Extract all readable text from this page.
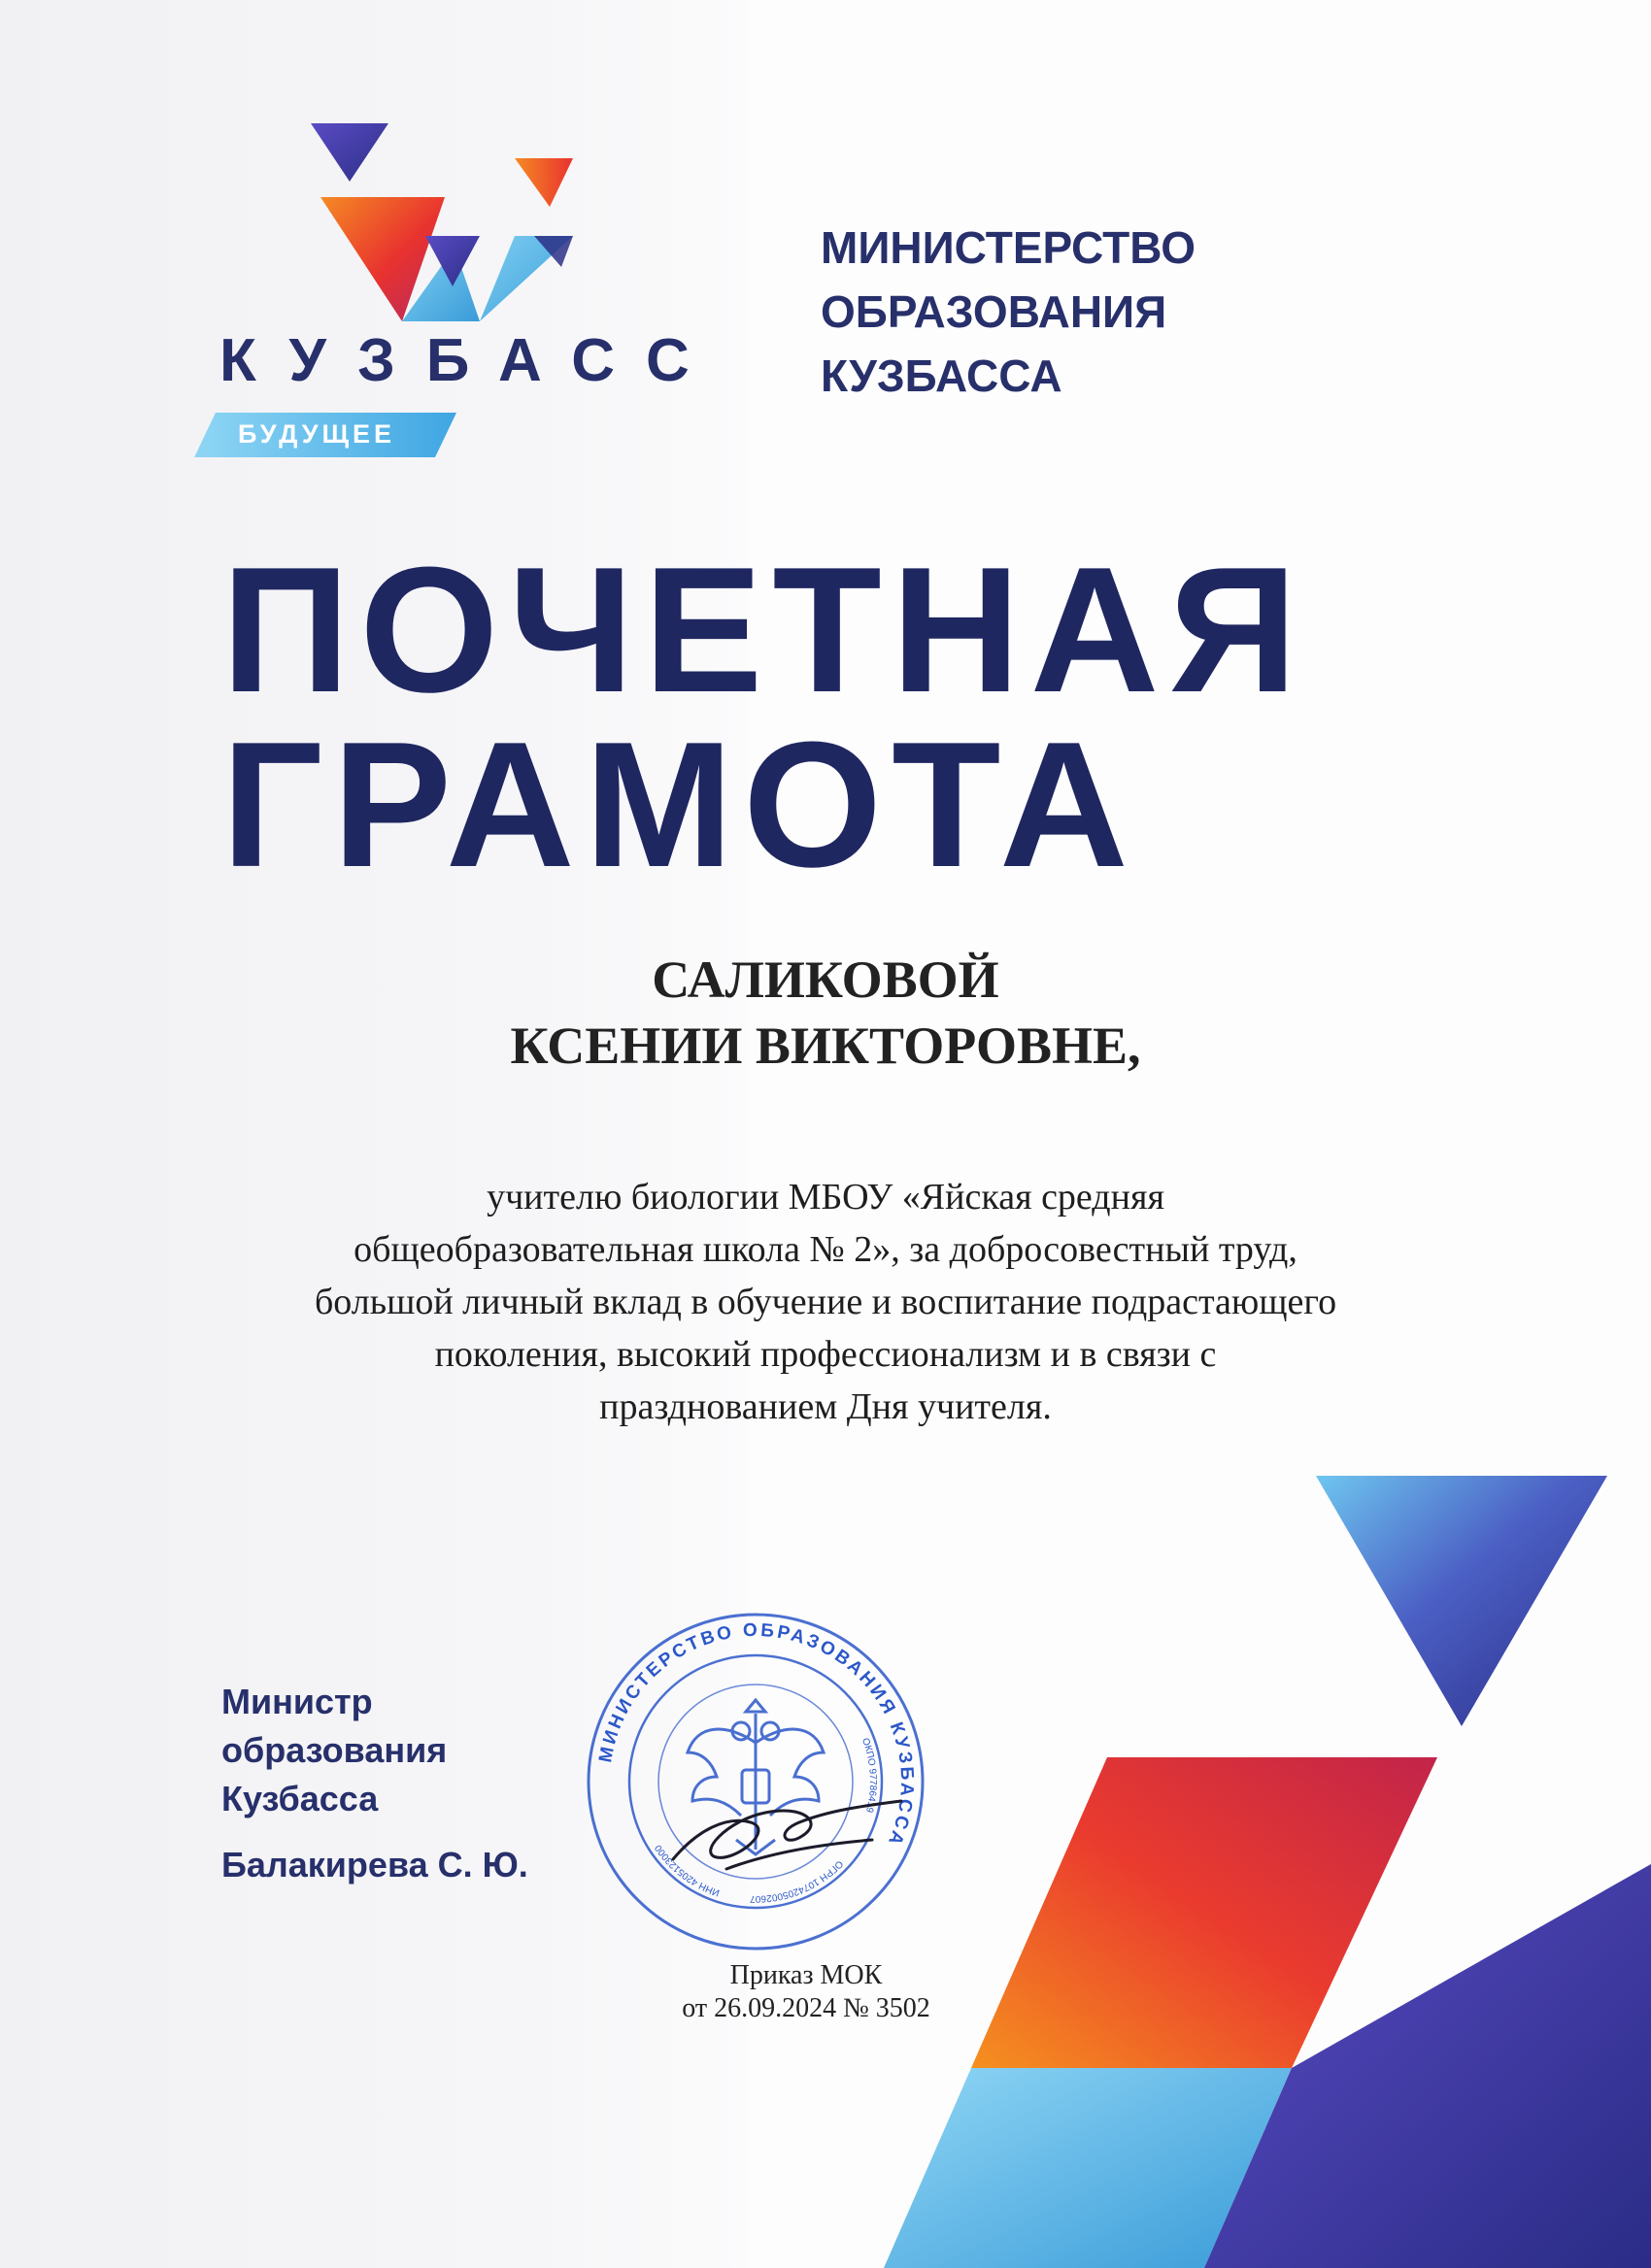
КУЗБАСС
БУДУЩЕЕ
МИНИСТЕРСТВО
ОБРАЗОВАНИЯ
КУЗБАССА
ПОЧЕТНАЯ
ГРАМОТА
САЛИКОВОЙ
КСЕНИИ ВИКТОРОВНЕ,
учителю биологии МБОУ «Яйская средняя
общеобразовательная школа № 2», за добросовестный труд,
большой личный вклад в обучение и воспитание подрастающего
поколения, высокий профессионализм и в связи с
празднованием Дня учителя.
Министр
образования
Кузбасса
Балакирева С. Ю.
МИНИСТЕРСТВО ОБРАЗОВАНИЯ КУЗБАССА
ОГРН 1074205002607
ИНН 4205123000
ОКПО 97786419
Приказ МОК
от 26.09.2024 № 3502
